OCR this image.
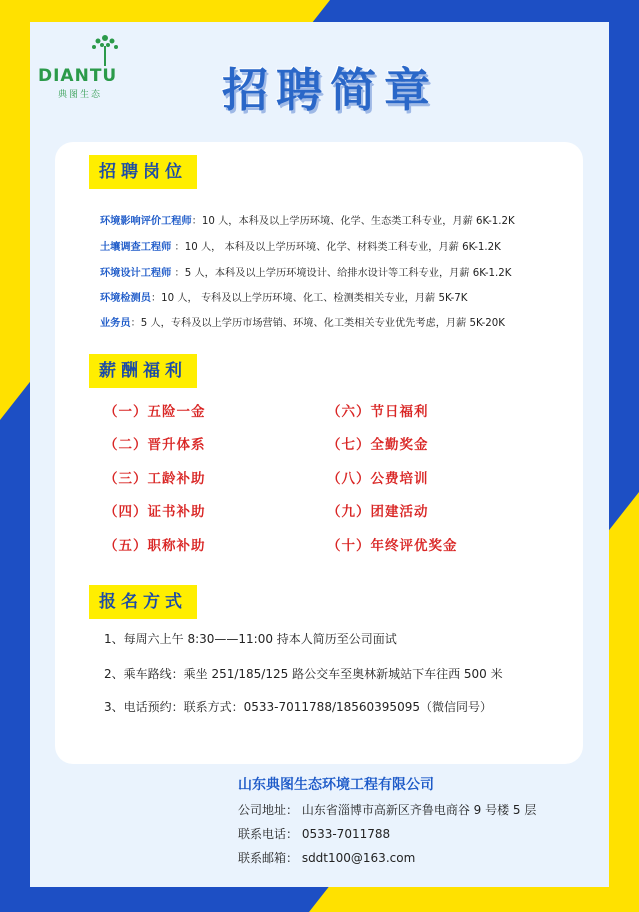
DIANTU
典图生态	招聘简章
招聘岗位
环境影响评价工程师：10 人，本科及以上学历环境、化学、生态类工科专业，月薪 6K-1.2K
土壤调查工程师 ：10 人， 本科及以上学历环境、化学、材料类工科专业，月薪 6K-1.2K
环境设计工程师 ：5 人，本科及以上学历环境设计、给排水设计等工科专业，月薪 6K-1.2K
环境检测员：10 人， 专科及以上学历环境、化工、检测类相关专业，月薪 5K-7K
业务员：5 人，专科及以上学历市场营销、环境、化工类相关专业优先考虑，月薪 5K-20K
薪酬福利
（一）五险一金
（二）晋升体系
（三）工龄补助
（四）证书补助
（五）职称补助
（六）节日福利
（七）全勤奖金
（八）公费培训
（九）团建活动
（十）年终评优奖金
报名方式
1、每周六上午 8:30——11:00 持本人简历至公司面试
2、乘车路线：乘坐 251/185/125 路公交车至奥林新城站下车往西 500 米
3、电话预约：联系方式：0533-7011788/18560395095（微信同号）
山东典图生态环境工程有限公司
公司地址： 山东省淄博市高新区齐鲁电商谷 9 号楼 5 层
联系电话： 0533-7011788
联系邮箱： sddt100@163.com
